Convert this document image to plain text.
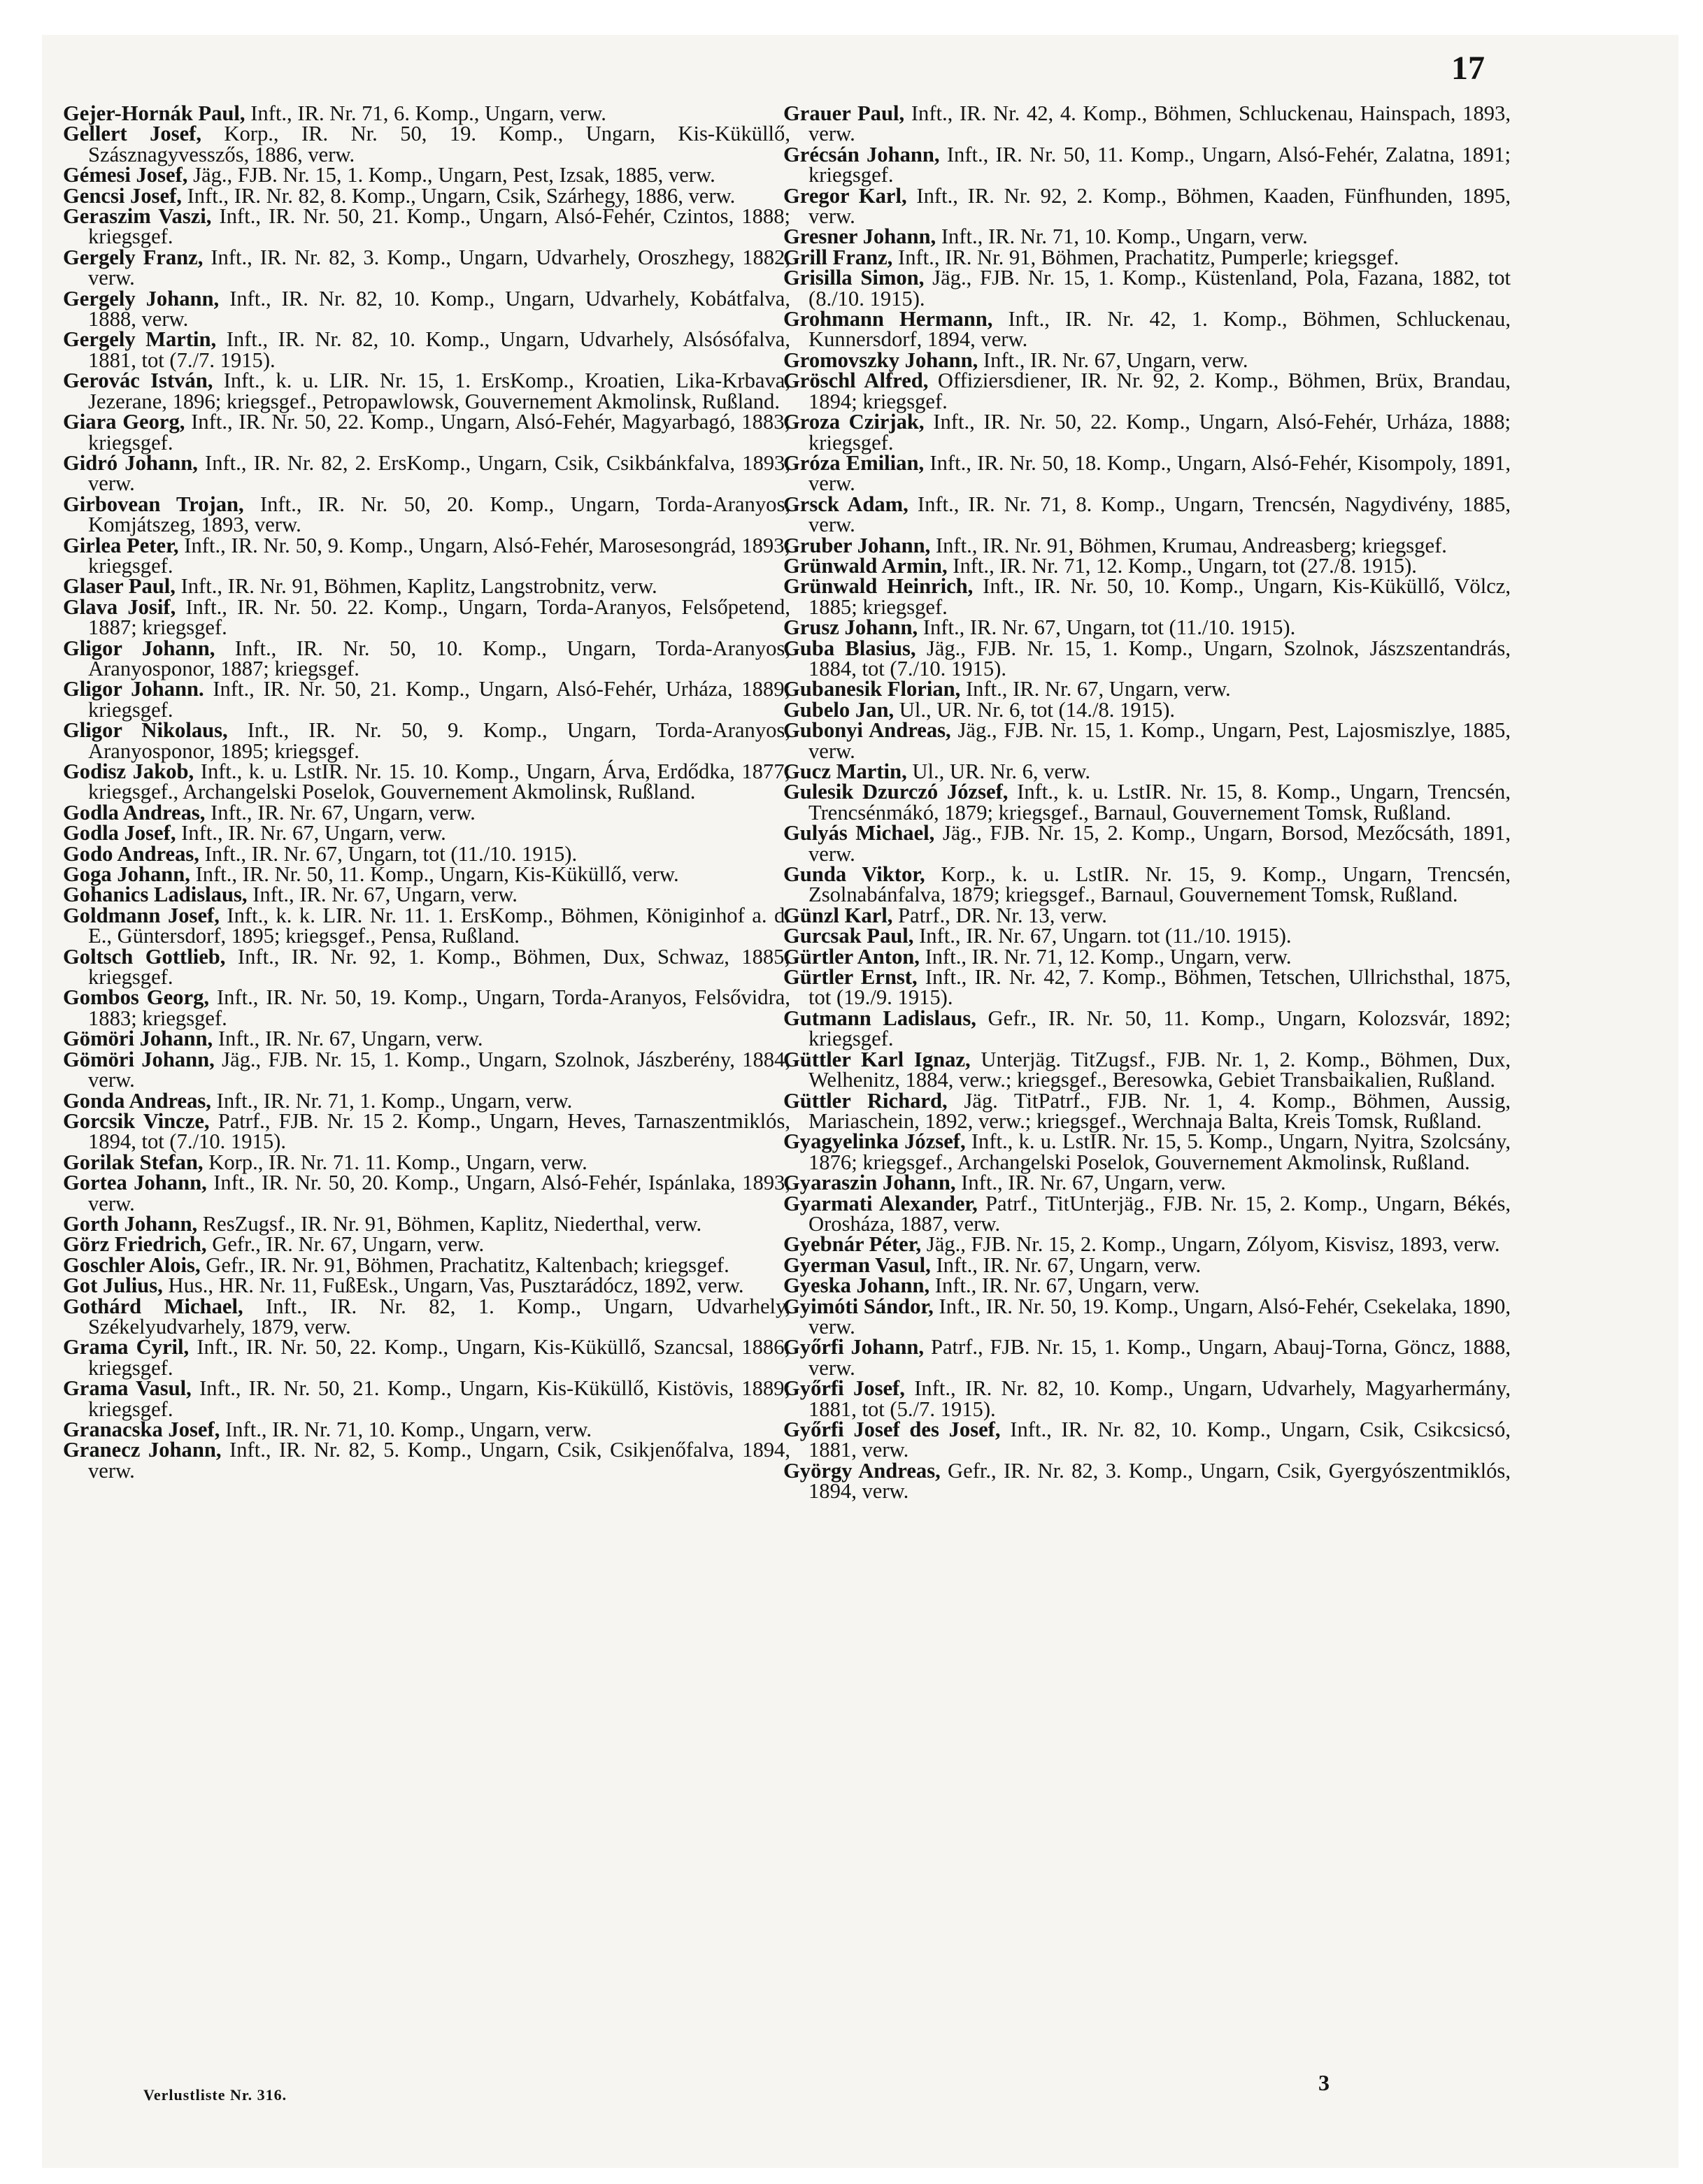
17

Gejer-Hornák Paul, Inft., IR. Nr. 71, 6. Komp., Ungarn, verw.

Gellert Josef, Korp., IR. Nr. 50, 19. Komp., Ungarn, Kis-Küküllő, Szásznagyvesszős, 1886, verw.

Gémesi Josef, Jäg., FJB. Nr. 15, 1. Komp., Ungarn, Pest, Izsak, 1885, verw.

Gencsi Josef, Inft., IR. Nr. 82, 8. Komp., Ungarn, Csik, Szárhegy, 1886, verw.

Geraszim Vaszi, Inft., IR. Nr. 50, 21. Komp., Ungarn, Alsó-Fehér, Czintos, 1888; kriegsgef.

Gergely Franz, Inft., IR. Nr. 82, 3. Komp., Ungarn, Udvarhely, Oroszhegy, 1882, verw.

Gergely Johann, Inft., IR. Nr. 82, 10. Komp., Ungarn, Udvarhely, Kobátfalva, 1888, verw.

Gergely Martin, Inft., IR. Nr. 82, 10. Komp., Ungarn, Udvarhely, Alsósófalva, 1881, tot (7./7. 1915).

Gerovác István, Inft., k. u. LIR. Nr. 15, 1. ErsKomp., Kroatien, Lika-Krbava, Jezerane, 1896; kriegsgef., Petropawlowsk, Gouvernement Akmolinsk, Rußland.

Giara Georg, Inft., IR. Nr. 50, 22. Komp., Ungarn, Alsó-Fehér, Magyarbagó, 1883; kriegsgef.

Gidró Johann, Inft., IR. Nr. 82, 2. ErsKomp., Ungarn, Csik, Csikbánkfalva, 1893, verw.

Girbovean Trojan, Inft., IR. Nr. 50, 20. Komp., Ungarn, Torda-Aranyos, Komjátszeg, 1893, verw.

Girlea Peter, Inft., IR. Nr. 50, 9. Komp., Ungarn, Alsó-Fehér, Marosesongrád, 1893; kriegsgef.

Glaser Paul, Inft., IR. Nr. 91, Böhmen, Kaplitz, Langstrobnitz, verw.

Glava Josif, Inft., IR. Nr. 50. 22. Komp., Ungarn, Torda-Aranyos, Felsőpetend, 1887; kriegsgef.

Gligor Johann, Inft., IR. Nr. 50, 10. Komp., Ungarn, Torda-Aranyos, Aranyosponor, 1887; kriegsgef.

Gligor Johann. Inft., IR. Nr. 50, 21. Komp., Ungarn, Alsó-Fehér, Urháza, 1889; kriegsgef.

Gligor Nikolaus, Inft., IR. Nr. 50, 9. Komp., Ungarn, Torda-Aranyos, Aranyosponor, 1895; kriegsgef.

Godisz Jakob, Inft., k. u. LstIR. Nr. 15. 10. Komp., Ungarn, Árva, Erdődka, 1877; kriegsgef., Archangelski Poselok, Gouvernement Akmolinsk, Rußland.

Godla Andreas, Inft., IR. Nr. 67, Ungarn, verw.

Godla Josef, Inft., IR. Nr. 67, Ungarn, verw.

Godo Andreas, Inft., IR. Nr. 67, Ungarn, tot (11./10. 1915).

Goga Johann, Inft., IR. Nr. 50, 11. Komp., Ungarn, Kis-Küküllő, verw.

Gohanics Ladislaus, Inft., IR. Nr. 67, Ungarn, verw.

Goldmann Josef, Inft., k. k. LIR. Nr. 11. 1. ErsKomp., Böhmen, Königinhof a. d. E., Güntersdorf, 1895; kriegsgef., Pensa, Rußland.

Goltsch Gottlieb, Inft., IR. Nr. 92, 1. Komp., Böhmen, Dux, Schwaz, 1885; kriegsgef.

Gombos Georg, Inft., IR. Nr. 50, 19. Komp., Ungarn, Torda-Aranyos, Felsővidra, 1883; kriegsgef.

Gömöri Johann, Inft., IR. Nr. 67, Ungarn, verw.

Gömöri Johann, Jäg., FJB. Nr. 15, 1. Komp., Ungarn, Szolnok, Jászberény, 1884, verw.

Gonda Andreas, Inft., IR. Nr. 71, 1. Komp., Ungarn, verw.

Gorcsik Vincze, Patrf., FJB. Nr. 15 2. Komp., Ungarn, Heves, Tarnaszentmiklós, 1894, tot (7./10. 1915).

Gorilak Stefan, Korp., IR. Nr. 71. 11. Komp., Ungarn, verw.

Gortea Johann, Inft., IR. Nr. 50, 20. Komp., Ungarn, Alsó-Fehér, Ispánlaka, 1893, verw.

Gorth Johann, ResZugsf., IR. Nr. 91, Böhmen, Kaplitz, Niederthal, verw.

Görz Friedrich, Gefr., IR. Nr. 67, Ungarn, verw.

Goschler Alois, Gefr., IR. Nr. 91, Böhmen, Prachatitz, Kaltenbach; kriegsgef.

Got Julius, Hus., HR. Nr. 11, FußEsk., Ungarn, Vas, Pusztarádócz, 1892, verw.

Gothárd Michael, Inft., IR. Nr. 82, 1. Komp., Ungarn, Udvarhely, Székelyudvarhely, 1879, verw.

Grama Cyril, Inft., IR. Nr. 50, 22. Komp., Ungarn, Kis-Küküllő, Szancsal, 1886; kriegsgef.

Grama Vasul, Inft., IR. Nr. 50, 21. Komp., Ungarn, Kis-Küküllő, Kistövis, 1889; kriegsgef.

Granacska Josef, Inft., IR. Nr. 71, 10. Komp., Ungarn, verw.

Granecz Johann, Inft., IR. Nr. 82, 5. Komp., Ungarn, Csik, Csikjenőfalva, 1894, verw.

Grauer Paul, Inft., IR. Nr. 42, 4. Komp., Böhmen, Schluckenau, Hainspach, 1893, verw.

Grécsán Johann, Inft., IR. Nr. 50, 11. Komp., Ungarn, Alsó-Fehér, Zalatna, 1891; kriegsgef.

Gregor Karl, Inft., IR. Nr. 92, 2. Komp., Böhmen, Kaaden, Fünfhunden, 1895, verw.

Gresner Johann, Inft., IR. Nr. 71, 10. Komp., Ungarn, verw.

Grill Franz, Inft., IR. Nr. 91, Böhmen, Prachatitz, Pumperle; kriegsgef.

Grisilla Simon, Jäg., FJB. Nr. 15, 1. Komp., Küstenland, Pola, Fazana, 1882, tot (8./10. 1915).

Grohmann Hermann, Inft., IR. Nr. 42, 1. Komp., Böhmen, Schluckenau, Kunnersdorf, 1894, verw.

Gromovszky Johann, Inft., IR. Nr. 67, Ungarn, verw.

Gröschl Alfred, Offiziersdiener, IR. Nr. 92, 2. Komp., Böhmen, Brüx, Brandau, 1894; kriegsgef.

Groza Czirjak, Inft., IR. Nr. 50, 22. Komp., Ungarn, Alsó-Fehér, Urháza, 1888; kriegsgef.

Gróza Emilian, Inft., IR. Nr. 50, 18. Komp., Ungarn, Alsó-Fehér, Kisompoly, 1891, verw.

Grsck Adam, Inft., IR. Nr. 71, 8. Komp., Ungarn, Trencsén, Nagydivény, 1885, verw.

Gruber Johann, Inft., IR. Nr. 91, Böhmen, Krumau, Andreasberg; kriegsgef.

Grünwald Armin, Inft., IR. Nr. 71, 12. Komp., Ungarn, tot (27./8. 1915).

Grünwald Heinrich, Inft., IR. Nr. 50, 10. Komp., Ungarn, Kis-Küküllő, Völcz, 1885; kriegsgef.

Grusz Johann, Inft., IR. Nr. 67, Ungarn, tot (11./10. 1915).

Guba Blasius, Jäg., FJB. Nr. 15, 1. Komp., Ungarn, Szolnok, Jászszentandrás, 1884, tot (7./10. 1915).

Gubanesik Florian, Inft., IR. Nr. 67, Ungarn, verw.

Gubelo Jan, Ul., UR. Nr. 6, tot (14./8. 1915).

Gubonyi Andreas, Jäg., FJB. Nr. 15, 1. Komp., Ungarn, Pest, Lajosmiszlye, 1885, verw.

Gucz Martin, Ul., UR. Nr. 6, verw.

Gulesik Dzurczó József, Inft., k. u. LstIR. Nr. 15, 8. Komp., Ungarn, Trencsén, Trencsénmákó, 1879; kriegsgef., Barnaul, Gouvernement Tomsk, Rußland.

Gulyás Michael, Jäg., FJB. Nr. 15, 2. Komp., Ungarn, Borsod, Mezőcsáth, 1891, verw.

Gunda Viktor, Korp., k. u. LstIR. Nr. 15, 9. Komp., Ungarn, Trencsén, Zsolnabánfalva, 1879; kriegsgef., Barnaul, Gouvernement Tomsk, Rußland.

Günzl Karl, Patrf., DR. Nr. 13, verw.

Gurcsak Paul, Inft., IR. Nr. 67, Ungarn. tot (11./10. 1915).

Gürtler Anton, Inft., IR. Nr. 71, 12. Komp., Ungarn, verw.

Gürtler Ernst, Inft., IR. Nr. 42, 7. Komp., Böhmen, Tetschen, Ullrichsthal, 1875, tot (19./9. 1915).

Gutmann Ladislaus, Gefr., IR. Nr. 50, 11. Komp., Ungarn, Kolozsvár, 1892; kriegsgef.

Güttler Karl Ignaz, Unterjäg. TitZugsf., FJB. Nr. 1, 2. Komp., Böhmen, Dux, Welhenitz, 1884, verw.; kriegsgef., Beresowka, Gebiet Transbaikalien, Rußland.

Güttler Richard, Jäg. TitPatrf., FJB. Nr. 1, 4. Komp., Böhmen, Aussig, Mariaschein, 1892, verw.; kriegsgef., Werchnaja Balta, Kreis Tomsk, Rußland.

Gyagyelinka József, Inft., k. u. LstIR. Nr. 15, 5. Komp., Ungarn, Nyitra, Szolcsány, 1876; kriegsgef., Archangelski Poselok, Gouvernement Akmolinsk, Rußland.

Gyaraszin Johann, Inft., IR. Nr. 67, Ungarn, verw.

Gyarmati Alexander, Patrf., TitUnterjäg., FJB. Nr. 15, 2. Komp., Ungarn, Békés, Orosháza, 1887, verw.

Gyebnár Péter, Jäg., FJB. Nr. 15, 2. Komp., Ungarn, Zólyom, Kisvisz, 1893, verw.

Gyerman Vasul, Inft., IR. Nr. 67, Ungarn, verw.

Gyeska Johann, Inft., IR. Nr. 67, Ungarn, verw.

Gyimóti Sándor, Inft., IR. Nr. 50, 19. Komp., Ungarn, Alsó-Fehér, Csekelaka, 1890, verw.

Győrfi Johann, Patrf., FJB. Nr. 15, 1. Komp., Ungarn, Abauj-Torna, Göncz, 1888, verw.

Győrfi Josef, Inft., IR. Nr. 82, 10. Komp., Ungarn, Udvarhely, Magyarhermány, 1881, tot (5./7. 1915).

Győrfi Josef des Josef, Inft., IR. Nr. 82, 10. Komp., Ungarn, Csik, Csikcsicsó, 1881, verw.

György Andreas, Gefr., IR. Nr. 82, 3. Komp., Ungarn, Csik, Gyergyószentmiklós, 1894, verw.

Verlustliste Nr. 316.	3
